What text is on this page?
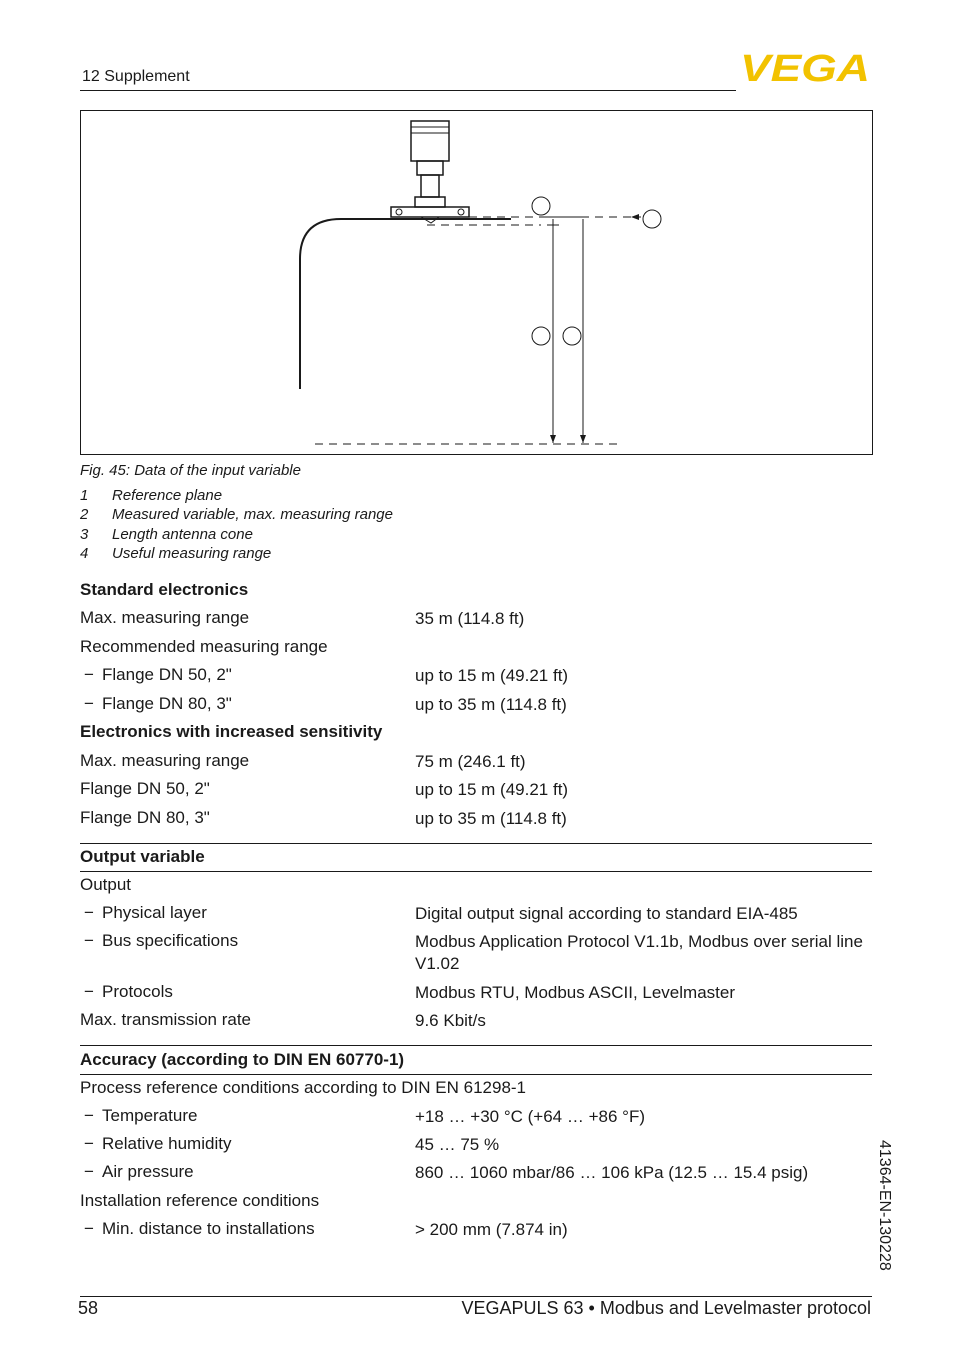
12 Supplement	VEGA
Fig. 45: Data of the input variable
1 Reference plane
2 Measured variable, max. measuring range
3 Length antenna cone
4 Useful measuring range
Standard electronics
Max. measuring range	35 m (114.8 ft)
Recommended measuring range
− Flange DN 50, 2"	up to 15 m (49.21 ft)
− Flange DN 80, 3"	up to 35 m (114.8 ft)
Electronics with increased sensitivity
Max. measuring range	75 m (246.1 ft)
Flange DN 50, 2"	up to 15 m (49.21 ft)
Flange DN 80, 3"	up to 35 m (114.8 ft)
Output variable
Output
− Physical layer	Digital output signal according to standard EIA-485
− Bus specifications	Modbus Application Protocol V1.1b, Modbus over serial line V1.02
− Protocols	Modbus RTU, Modbus ASCII, Levelmaster
Max. transmission rate	9.6 Kbit/s
Accuracy (according to DIN EN 60770-1)
Process reference conditions according to DIN EN 61298-1
− Temperature	+18 … +30 °C (+64 … +86 °F)
− Relative humidity	45 … 75 %
− Air pressure	860 … 1060 mbar/86 … 106 kPa (12.5 … 15.4 psig)
Installation reference conditions
− Min. distance to installations	> 200 mm (7.874 in)	41364-EN-130228
58	VEGAPULS 63 • Modbus and Levelmaster protocol
